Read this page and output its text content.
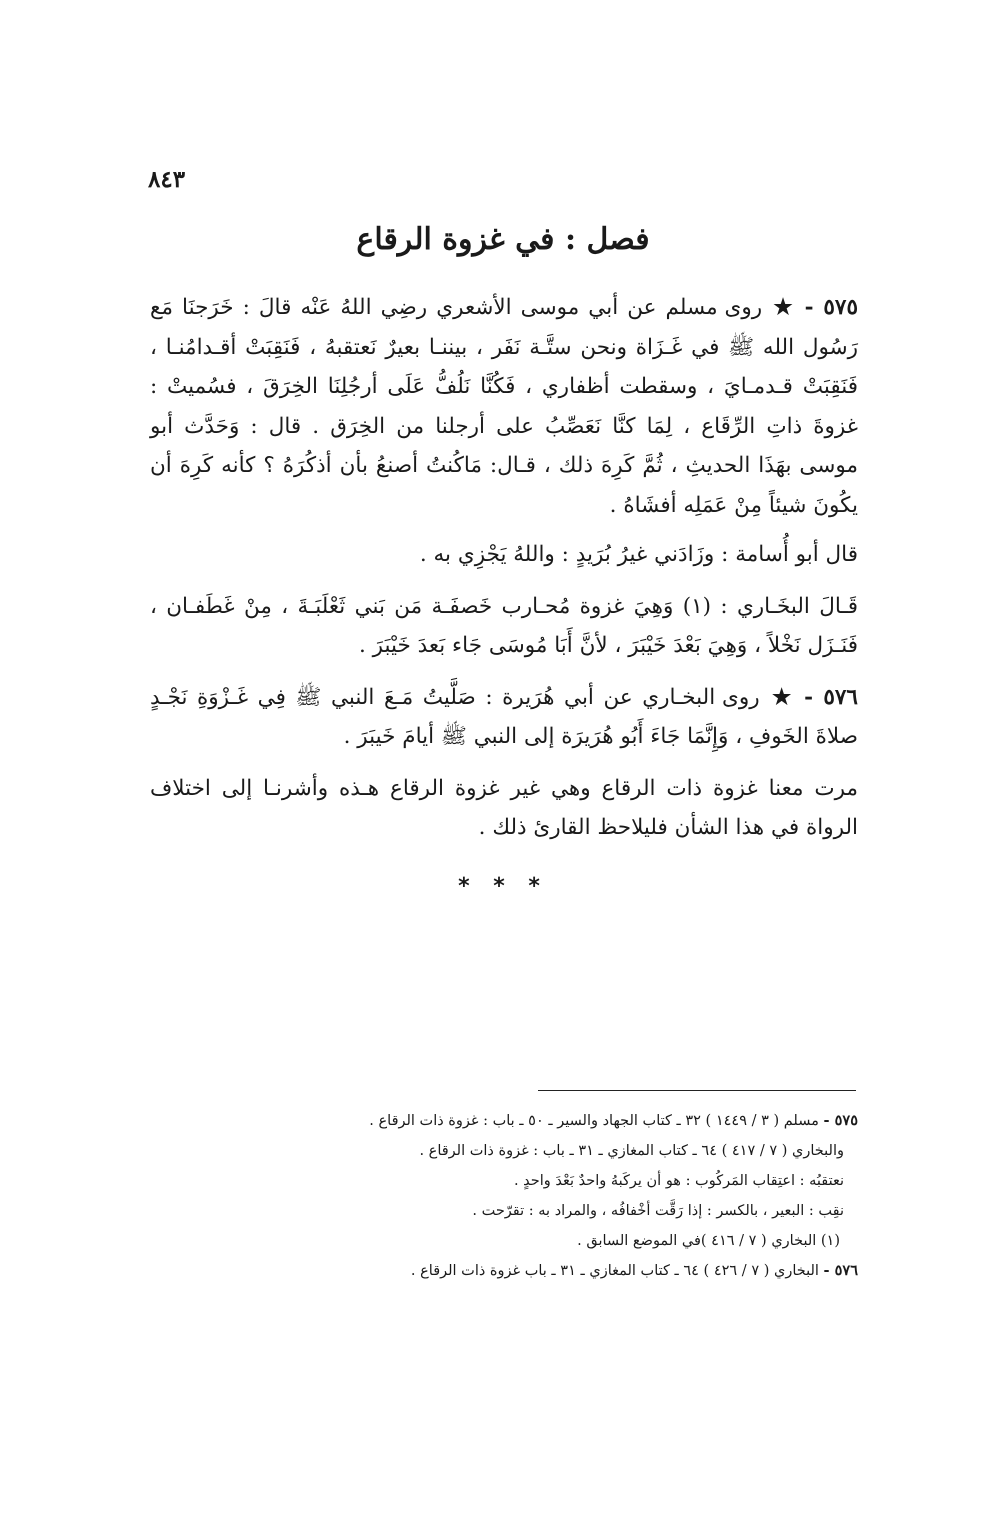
٨٤٣
فصل : في غزوة الرقاع

٥٧٥ - ★ روى مسلم عن أبي موسى الأشعري رضِي اللهُ عَنْه قالَ : خَرَجنَا مَع رَسُول الله ﷺ في غَـزَاة ونحن ستَّـة نَفَر ، بيننـا بعيرٌ نَعتقبهُ ، فَنَقِبَتْ أقـدامُنـا ، فَنَقِبَتْ قـدمـايَ ، وسقطت أظفاري ، فَكُنَّا نَلُفُّ عَلَى أرجُلِنَا الخِرَقَ ، فسُميتْ : غزوةَ ذاتِ الرِّقَاع ، لِمَا كنَّا نَعَصِّبُ على أرجلنا من الخِرَق . قال : وَحَدَّث أبو موسى بهَذَا الحديثِ ، ثُمَّ كَرِهَ ذلك ، قـال: مَاكُنتُ أصنعُ بأن أذكُرَهُ ؟ كأنه كَرِهَ أن يكُونَ شيئاً مِنْ عَمَلِه أفشَاهُ .

قال أبو أُسامة : وزَادَني غيرُ بُرَيدٍ : واللهُ يَجْزِي به .

قَـالَ البخَـاري : (١) وَهِيَ غزوة مُحـارب خَصفَـة مَن بَني ثَعْلَبَـةَ ، مِنْ غَطَفـان ، فَنَـزَل نَخْلاً ، وَهِيَ بَعْدَ خَيْبَرَ ، لأنَّ أَبَا مُوسَى جَاء بَعدَ خَيْبَرَ .

٥٧٦ - ★ روى البخـاري عن أبي هُرَيرة : صَلَّيتُ مَـعَ النبي ﷺ فِي غَـزْوَةِ نَجْـدٍ صلاةَ الخَوفِ ، وَإِنَّمَا جَاءَ أَبُو هُرَيرَة إلى النبي ﷺ أيامَ خَيبَرَ .

مرت معنا غزوة ذات الرقاع وهي غير غزوة الرقاع هـذه وأشرنـا إلى اختلاف الرواة في هذا الشأن فليلاحظ القارئ ذلك .

* * *
٥٧٥ - مسلم ( ٣ / ١٤٤٩ ) ٣٢ ـ كتاب الجهاد والسير ـ ٥٠ ـ باب : غزوة ذات الرقاع .
والبخاري ( ٧ / ٤١٧ ) ٦٤ ـ كتاب المغازي ـ ٣١ ـ باب : غزوة ذات الرقاع .
نعتقبُه : اعتِقاب المَركُوب : هو أن يركَبهُ واحدٌ بَعْدَ واحدٍ .
نقِب : البعير ، بالكسر : إذا رَقَّت أخْفافُه ، والمراد به : تقرّحت .
(١) البخاري ( ٧ / ٤١٦ )في الموضع السابق .
٥٧٦ - البخاري ( ٧ / ٤٢٦ ) ٦٤ ـ كتاب المغازي ـ ٣١ ـ باب غزوة ذات الرقاع .
